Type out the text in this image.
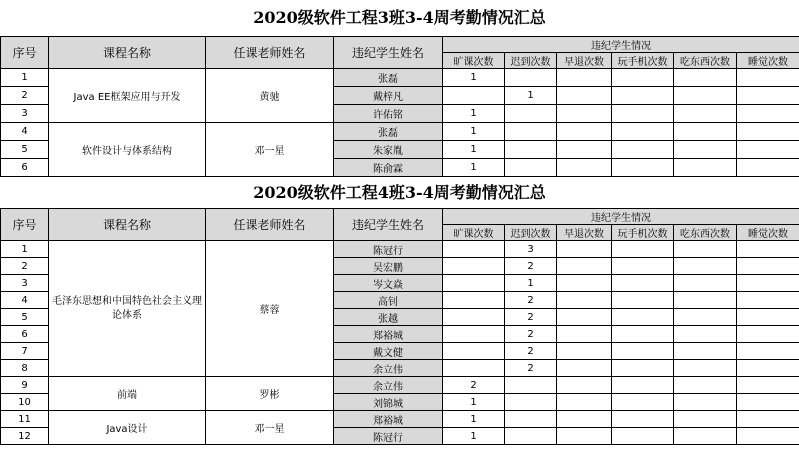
2020级软件工程3班3-4周考勤情况汇总
序号	课程名称	任课老师姓名	违纪学生姓名	违纪学生情况					
				旷课次数	迟到次数	早退次数	玩手机次数	吃东西次数	睡觉次数
1	Java EE框架应用与开发	黄驰	张磊	1					
2			戴梓凡		1				
3			许佑铭	1					
4	软件设计与体系结构	邓一星	张磊	1					
5			朱家胤	1					
6			陈俞霖	1					
2020级软件工程4班3-4周考勤情况汇总
序号	课程名称	任课老师姓名	违纪学生姓名	违纪学生情况					
				旷课次数	迟到次数	早退次数	玩手机次数	吃东西次数	睡觉次数
1	毛泽东思想和中国特色社会主义理论体系	蔡蓉	陈冠行		3				
2			吴宏鹏		2				
3			岑文焱		1				
4			高钊		2				
5			张越		2				
6			郑裕城		2				
7			戴文健		2				
8			余立伟		2				
9	前端	罗彬	余立伟	2					
10			刘锦城	1					
11	Java设计	邓一星	郑裕城	1					
12			陈冠行	1					
